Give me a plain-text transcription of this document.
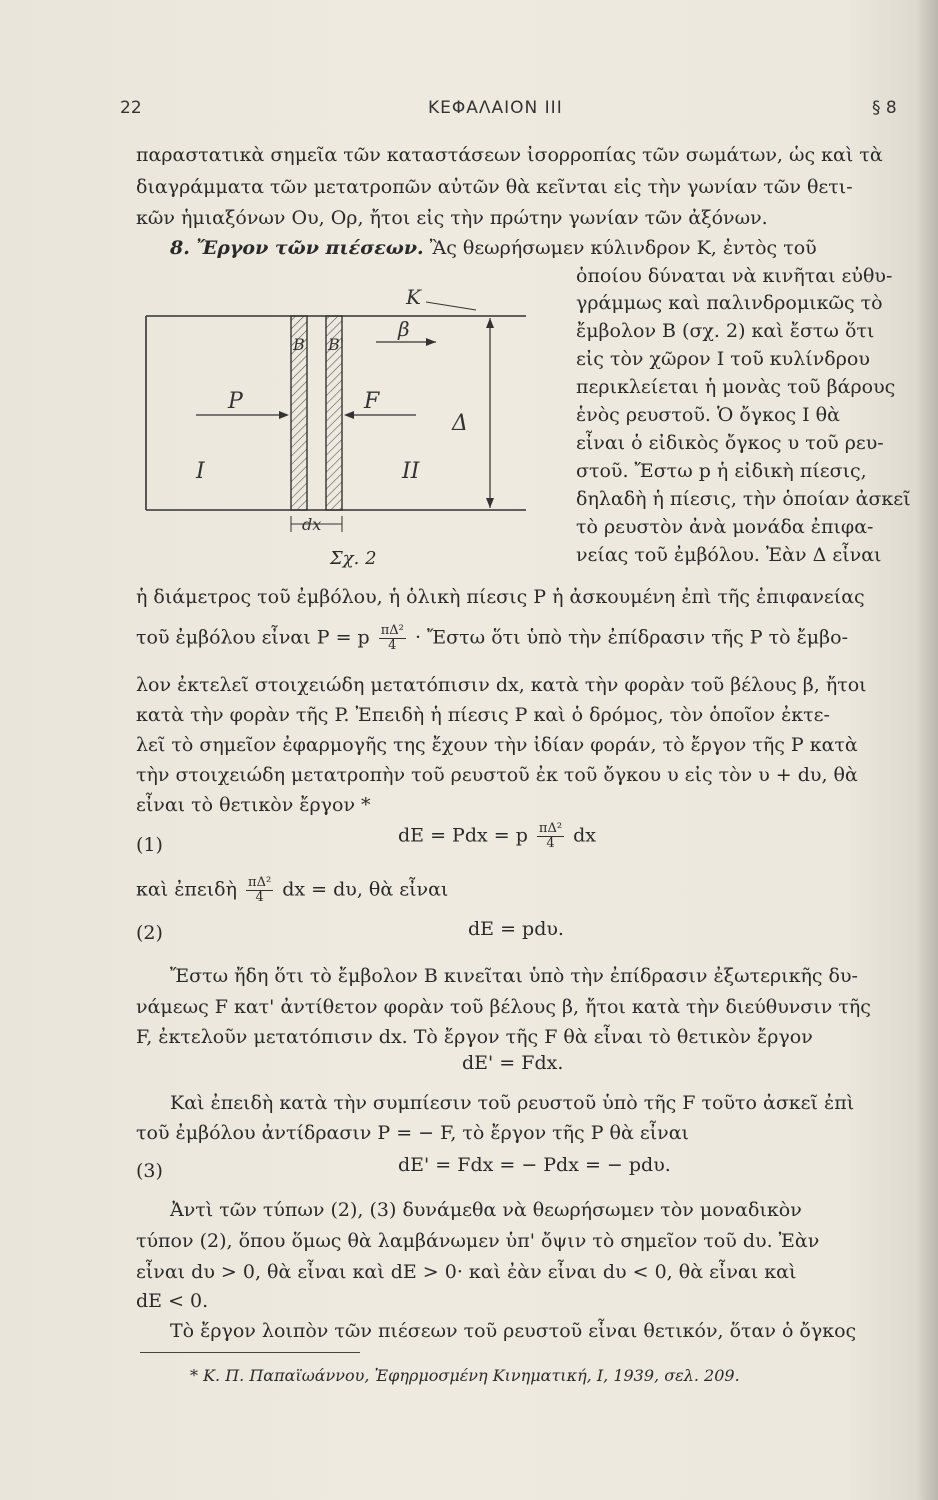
22	ΚΕΦΑΛΑΙΟΝ III	§ 8
παραστατικὰ σημεῖα τῶν καταστάσεων ἰσορροπίας τῶν σωμάτων, ὡς καὶ τὰ
διαγράμματα τῶν μετατροπῶν αὐτῶν θὰ κεῖνται εἰς τὴν γωνίαν τῶν θετι-
κῶν ἡμιαξόνων Ου, Ορ, ἤτοι εἰς τὴν πρώτην γωνίαν τῶν ἀξόνων.
8. Ἔργον τῶν πιέσεων. Ἂς θεωρήσωμεν κύλινδρον Κ, ἐντὸς τοῦ
ὁποίου δύναται νὰ κινῆται εὐθυ-
γράμμως καὶ παλινδρομικῶς τὸ
ἔμβολον Β (σχ. 2) καὶ ἔστω ὅτι
εἰς τὸν χῶρον Ι τοῦ κυλίνδρου
περικλείεται ἡ μονὰς τοῦ βάρους
ἑνὸς ρευστοῦ. Ὁ ὄγκος Ι θὰ
εἶναι ὁ εἰδικὸς ὄγκος υ τοῦ ρευ-
στοῦ. Ἔστω p ἡ εἰδικὴ πίεσις,
δηλαδὴ ἡ πίεσις, τὴν ὁποίαν ἀσκεῖ
τὸ ρευστὸν ἀνὰ μονάδα ἐπιφα-
νείας τοῦ ἐμβόλου. Ἐὰν Δ εἶναι
K
β
B B'
P	F
Δ
I	II
dx
Σχ. 2
ἡ διάμετρος τοῦ ἐμβόλου, ἡ ὁλικὴ πίεσις P ἡ ἀσκουμένη ἐπὶ τῆς ἐπιφανείας
τοῦ ἐμβόλου εἶναι P = p $\frac{\text{πΔ²}}{4}$ · Ἔστω ὅτι ὑπὸ τὴν ἐπίδρασιν τῆς P τὸ ἔμβο-
λον ἐκτελεῖ στοιχειώδη μετατόπισιν dx, κατὰ τὴν φορὰν τοῦ βέλους β, ἤτοι
κατὰ τὴν φορὰν τῆς P. Ἐπειδὴ ἡ πίεσις P καὶ ὁ δρόμος, τὸν ὁποῖον ἐκτε-
λεῖ τὸ σημεῖον ἐφαρμογῆς της ἔχουν τὴν ἰδίαν φοράν, τὸ ἔργον τῆς P κατὰ
τὴν στοιχειώδη μετατροπὴν τοῦ ρευστοῦ ἐκ τοῦ ὄγκου υ εἰς τὸν υ + dυ, θὰ
εἶναι τὸ θετικὸν ἔργον *
(1)	dE = Pdx = p $\frac{\text{πΔ²}}{4}$ dx
καὶ ἐπειδὴ $\frac{\text{πΔ²}}{4}$ dx = dυ, θὰ εἶναι
(2)	dE = pdυ.
Ἔστω ἤδη ὅτι τὸ ἔμβολον B κινεῖται ὑπὸ τὴν ἐπίδρασιν ἐξωτερικῆς δυ-
νάμεως F κατ' ἀντίθετον φορὰν τοῦ βέλους β, ἤτοι κατὰ τὴν διεύθυνσιν τῆς
F, ἐκτελοῦν μετατόπισιν dx. Τὸ ἔργον τῆς F θὰ εἶναι τὸ θετικὸν ἔργον
dE' = Fdx.
Καὶ ἐπειδὴ κατὰ τὴν συμπίεσιν τοῦ ρευστοῦ ὑπὸ τῆς F τοῦτο ἀσκεῖ ἐπὶ
τοῦ ἐμβόλου ἀντίδρασιν P = − F, τὸ ἔργον τῆς P θὰ εἶναι
(3)	dE' = Fdx = − Pdx = − pdυ.
Ἀντὶ τῶν τύπων (2), (3) δυνάμεθα νὰ θεωρήσωμεν τὸν μοναδικὸν
τύπον (2), ὅπου ὅμως θὰ λαμβάνωμεν ὑπ' ὄψιν τὸ σημεῖον τοῦ dυ. Ἐὰν
εἶναι dυ > 0, θὰ εἶναι καὶ dE > 0· καὶ ἐὰν εἶναι dυ < 0, θὰ εἶναι καὶ
dE < 0.
Τὸ ἔργον λοιπὸν τῶν πιέσεων τοῦ ρευστοῦ εἶναι θετικόν, ὅταν ὁ ὄγκος
* Κ. Π. Παπαϊωάννου, Ἐφηρμοσμένη Κινηματική, I, 1939, σελ. 209.
